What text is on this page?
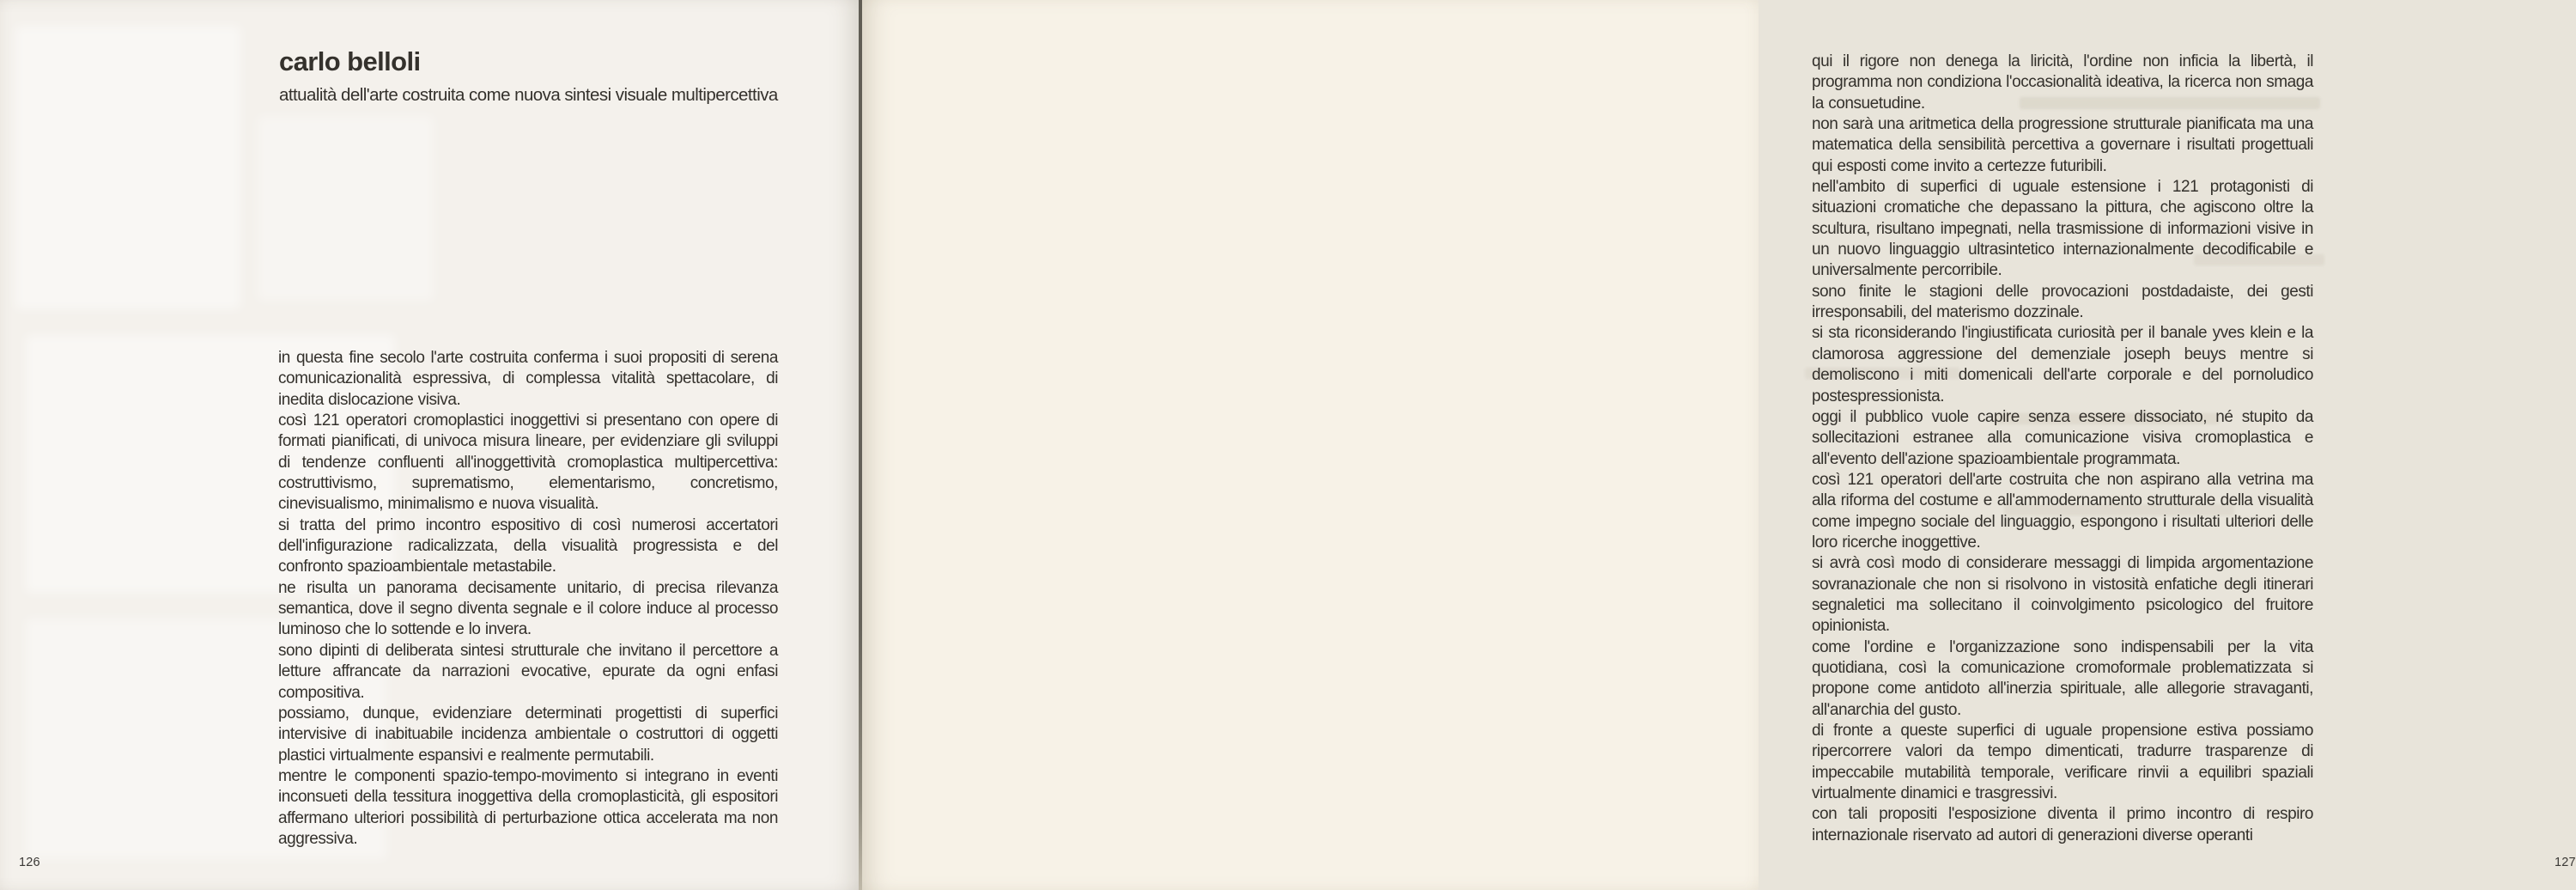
carlo belloli
attualità dell'arte costruita come nuova sintesi visuale multipercettiva

in questa fine secolo l'arte costruita conferma i suoi propositi di serena comunicazionalità espressiva, di complessa vitalità spettacolare, di inedita dislocazione visiva.

così 121 operatori cromoplastici inoggettivi si presentano con opere di formati pianificati, di univoca misura lineare, per evidenziare gli sviluppi di tendenze confluenti all'inoggettività cromoplastica multipercettiva: costruttivismo, suprematismo, elementarismo, concretismo, cinevisualismo, minimalismo e nuova visualità.

si tratta del primo incontro espositivo di così numerosi accertatori dell'infigurazione radicalizzata, della visualità progressista e del confronto spazioambientale metastabile.

ne risulta un panorama decisamente unitario, di precisa rilevanza semantica, dove il segno diventa segnale e il colore induce al processo luminoso che lo sottende e lo invera.

sono dipinti di deliberata sintesi strutturale che invitano il percettore a letture affrancate da narrazioni evocative, epurate da ogni enfasi compositiva.

possiamo, dunque, evidenziare determinati progettisti di superfici intervisive di inabituabile incidenza ambientale o costruttori di oggetti plastici virtualmente espansivi e realmente permutabili.

mentre le componenti spazio-tempo-movimento si integrano in eventi inconsueti della tessitura inoggettiva della cromoplasticità, gli espositori affermano ulteriori possibilità di perturbazione ottica accelerata ma non aggressiva.

126

qui il rigore non denega la liricità, l'ordine non inficia la libertà, il programma non condiziona l'occasionalità ideativa, la ricerca non smaga la consuetudine.

non sarà una aritmetica della progressione strutturale pianificata ma una matematica della sensibilità percettiva a governare i risultati progettuali qui esposti come invito a certezze futuribili.

nell'ambito di superfici di uguale estensione i 121 protagonisti di situazioni cromatiche che depassano la pittura, che agiscono oltre la scultura, risultano impegnati, nella trasmissione di informazioni visive in un nuovo linguaggio ultrasintetico internazionalmente decodificabile e universalmente percorribile.

sono finite le stagioni delle provocazioni postdadaiste, dei gesti irresponsabili, del materismo dozzinale.

si sta riconsiderando l'ingiustificata curiosità per il banale yves klein e la clamorosa aggressione del demenziale joseph beuys mentre si demoliscono i miti domenicali dell'arte corporale e del pornoludico postespressionista.

oggi il pubblico vuole capire senza essere dissociato, né stupito da sollecitazioni estranee alla comunicazione visiva cromoplastica e all'evento dell'azione spazioambientale programmata.

così 121 operatori dell'arte costruita che non aspirano alla vetrina ma alla riforma del costume e all'ammodernamento strutturale della visualità come impegno sociale del linguaggio, espongono i risultati ulteriori delle loro ricerche inoggettive.

si avrà così modo di considerare messaggi di limpida argomentazione sovranazionale che non si risolvono in vistosità enfatiche degli itinerari segnaletici ma sollecitano il coinvolgimento psicologico del fruitore opinionista.

come l'ordine e l'organizzazione sono indispensabili per la vita quotidiana, così la comunicazione cromoformale problematizzata si propone come antidoto all'inerzia spirituale, alle allegorie stravaganti, all'anarchia del gusto.

di fronte a queste superfici di uguale propensione estiva possiamo ripercorrere valori da tempo dimenticati, tradurre trasparenze di impeccabile mutabilità temporale, verificare rinvii a equilibri spaziali virtualmente dinamici e trasgressivi.

con tali propositi l'esposizione diventa il primo incontro di respiro internazionale riservato ad autori di generazioni diverse operanti

127
